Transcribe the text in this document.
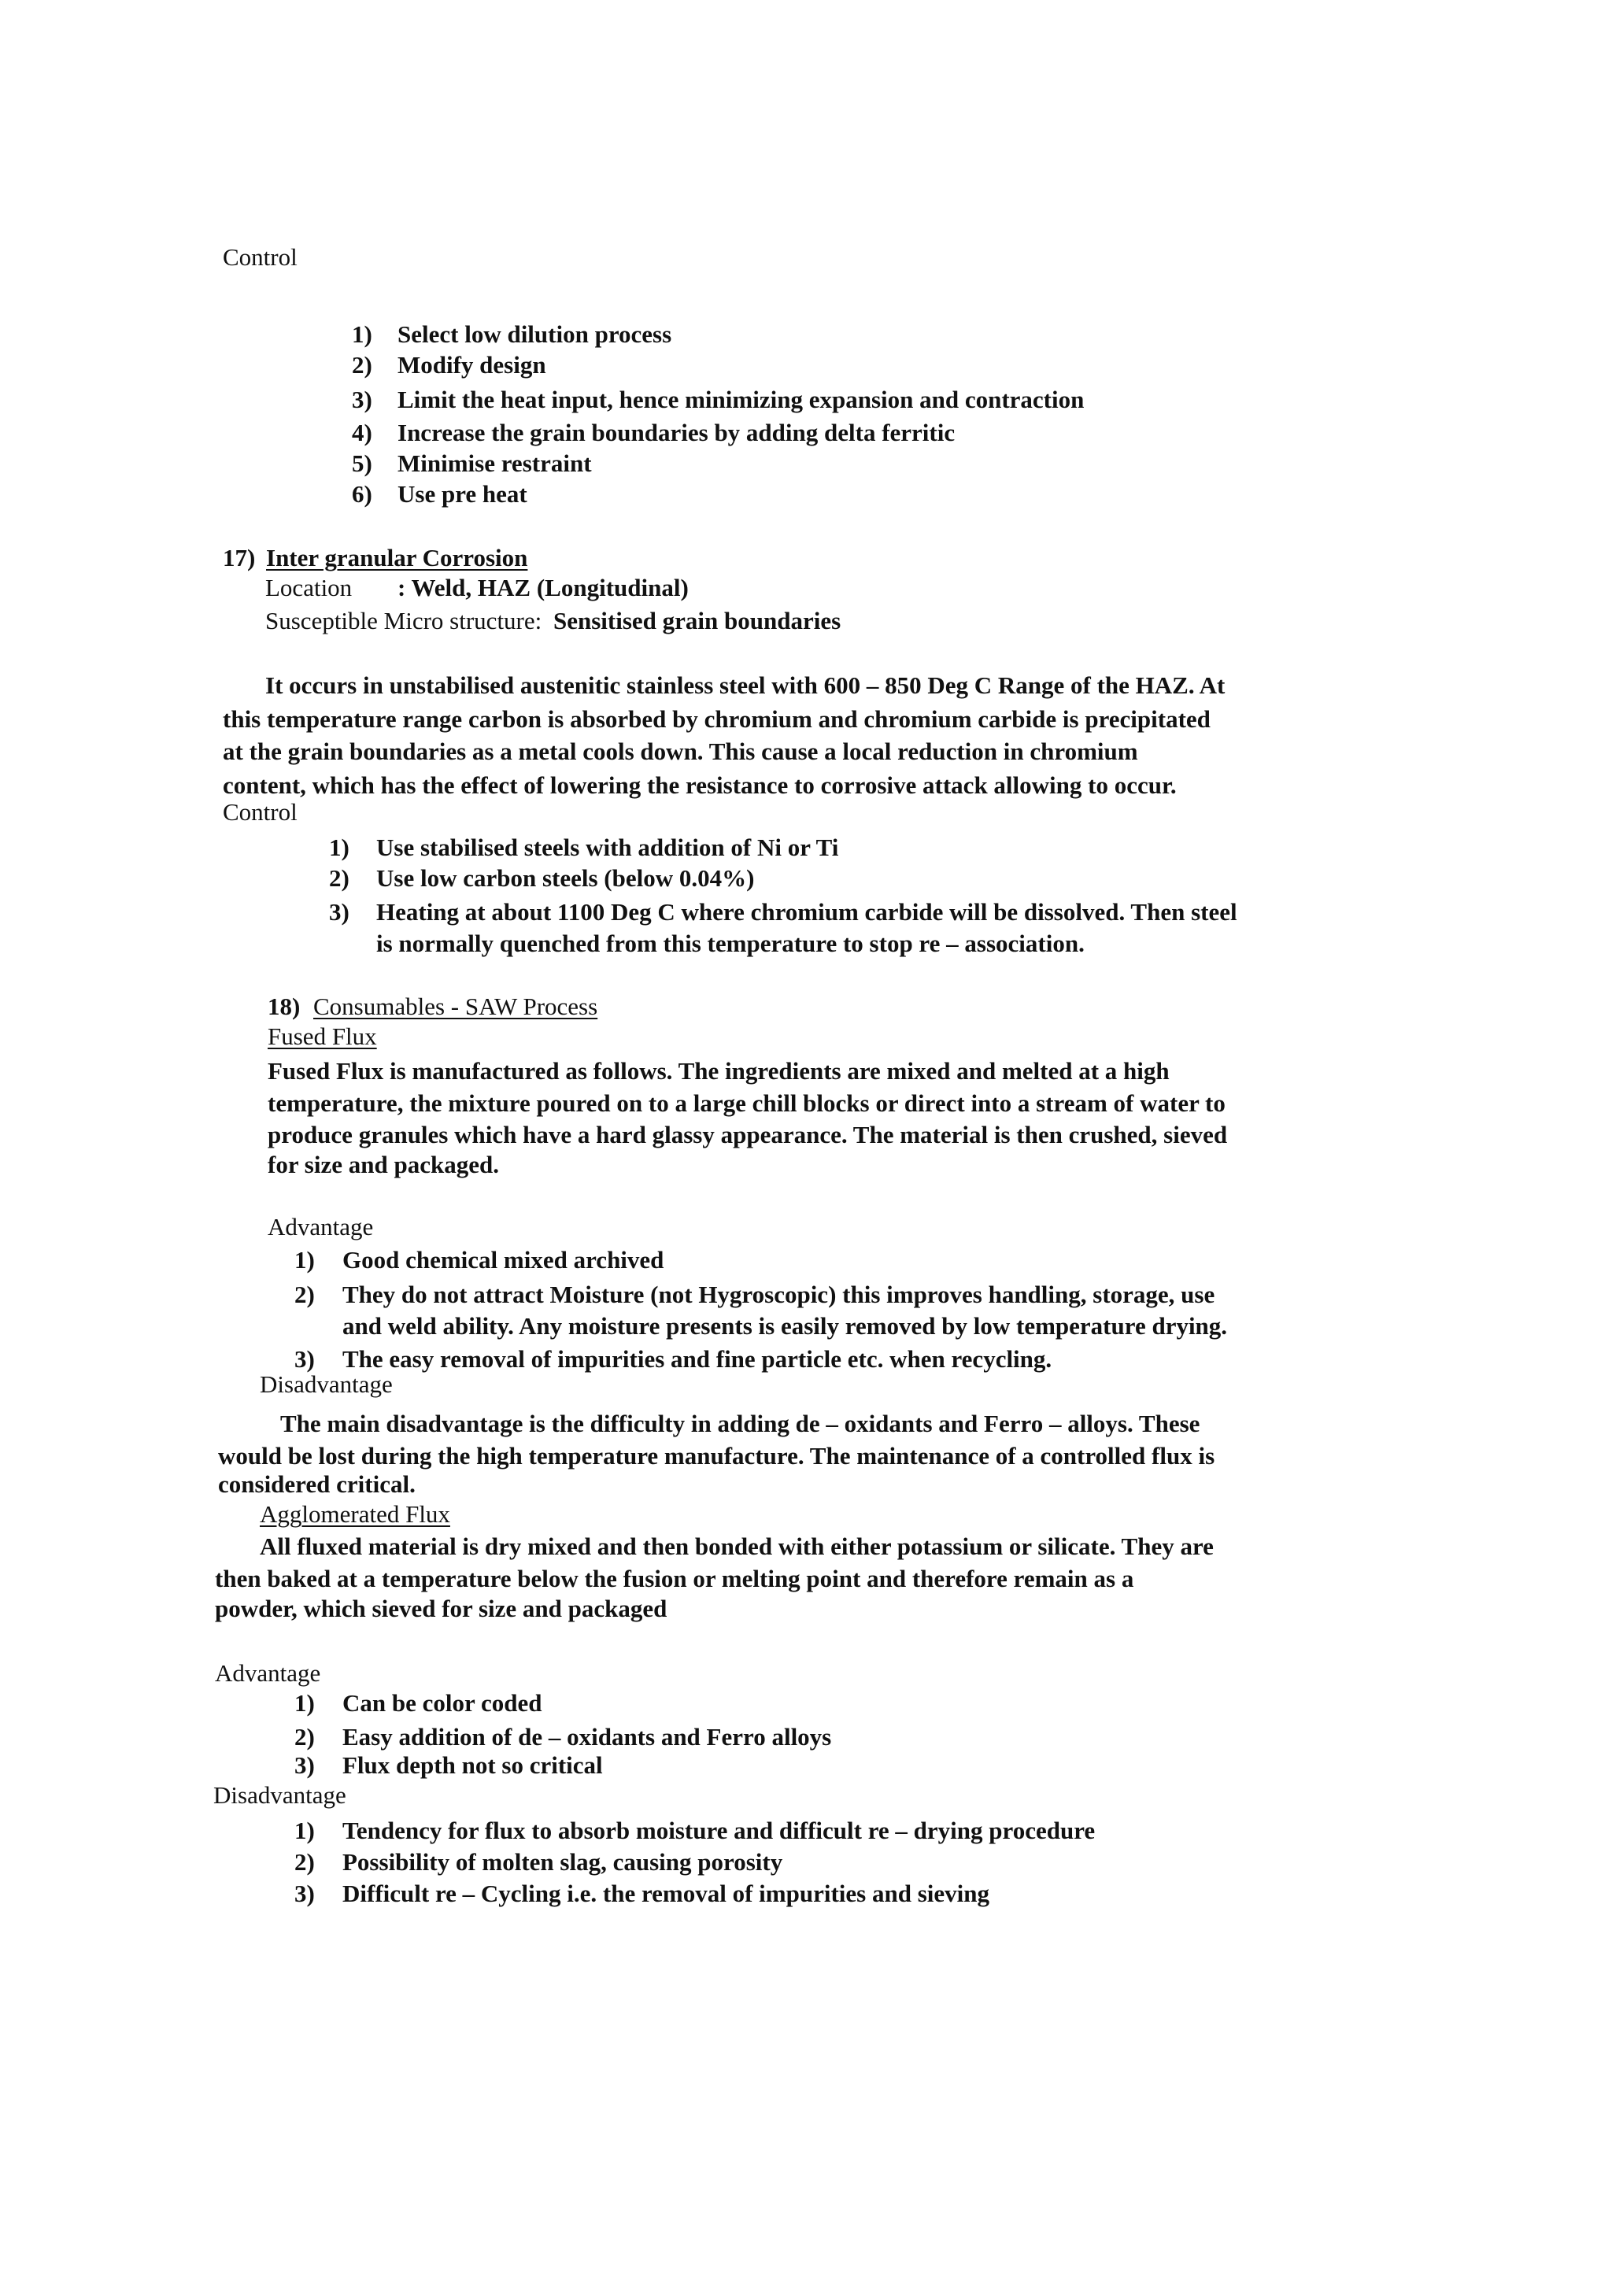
Control
1) Select low dilution process
2) Modify design
3) Limit the heat input, hence minimizing expansion and contraction
4) Increase the grain boundaries by adding delta ferritic
5) Minimise restraint
6) Use pre heat
17) Inter granular Corrosion
Location : Weld, HAZ (Longitudinal)
Susceptible Micro structure: Sensitised grain boundaries
It occurs in unstabilised austenitic stainless steel with 600 – 850 Deg C Range of the HAZ. At
this temperature range carbon is absorbed by chromium and chromium carbide is precipitated
at the grain boundaries as a metal cools down. This cause a local reduction in chromium
content, which has the effect of lowering the resistance to corrosive attack allowing to occur.
Control
1) Use stabilised steels with addition of Ni or Ti
2) Use low carbon steels (below 0.04%)
3) Heating at about 1100 Deg C where chromium carbide will be dissolved. Then steel
is normally quenched from this temperature to stop re – association.
18) Consumables - SAW Process
Fused Flux
Fused Flux is manufactured as follows. The ingredients are mixed and melted at a high
temperature, the mixture poured on to a large chill blocks or direct into a stream of water to
produce granules which have a hard glassy appearance. The material is then crushed, sieved
for size and packaged.
Advantage
1) Good chemical mixed archived
2) They do not attract Moisture (not Hygroscopic) this improves handling, storage, use
and weld ability. Any moisture presents is easily removed by low temperature drying.
3) The easy removal of impurities and fine particle etc. when recycling.
Disadvantage
The main disadvantage is the difficulty in adding de – oxidants and Ferro – alloys. These
would be lost during the high temperature manufacture. The maintenance of a controlled flux is
considered critical.
Agglomerated Flux
All fluxed material is dry mixed and then bonded with either potassium or silicate. They are
then baked at a temperature below the fusion or melting point and therefore remain as a
powder, which sieved for size and packaged
Advantage
1) Can be color coded
2) Easy addition of de – oxidants and Ferro alloys
3) Flux depth not so critical
Disadvantage
1) Tendency for flux to absorb moisture and difficult re – drying procedure
2) Possibility of molten slag, causing porosity
3) Difficult re – Cycling i.e. the removal of impurities and sieving
